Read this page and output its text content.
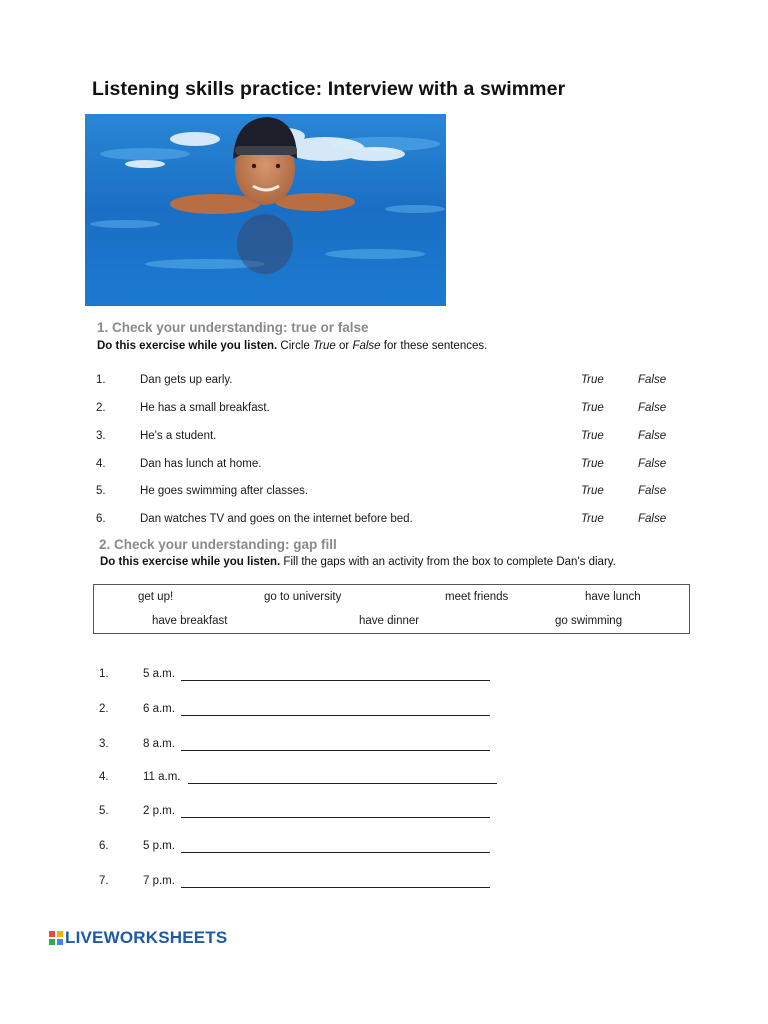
Listening skills practice: Interview with a swimmer
1. Check your understanding: true or false
Do this exercise while you listen. Circle True or False for these sentences.
1.	Dan gets up early.	True	False
2.	He has a small breakfast.	True	False
3.	He's a student.	True	False
4.	Dan has lunch at home.	True	False
5.	He goes swimming after classes.	True	False
6.	Dan watches TV and goes on the internet before bed.	True	False
2. Check your understanding: gap fill
Do this exercise while you listen. Fill the gaps with an activity from the box to complete Dan's diary.
get up!	go to university	meet friends	have lunch
have breakfast	have dinner	go swimming
1.	5 a.m.
2.	6 a.m.
3.	8 a.m.
4.	11 a.m.
5.	2 p.m.
6.	5 p.m.
7.	7 p.m.
LIVEWORKSHEETS
